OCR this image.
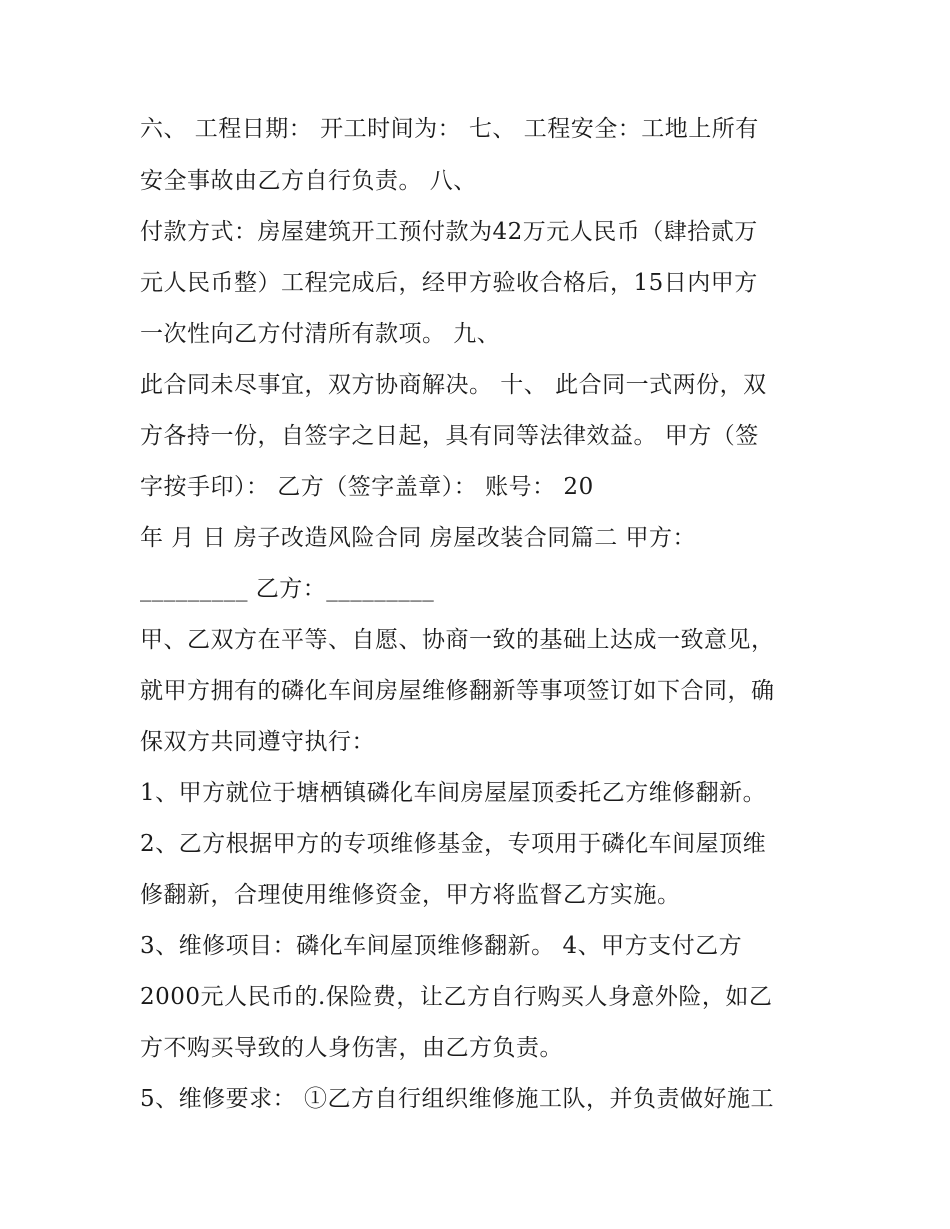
六、 工程日期： 开工时间为： 七、 工程安全：工地上所有
安全事故由乙方自行负责。 八、
付款方式：房屋建筑开工预付款为42万元人民币（肆拾贰万
元人民币整）工程完成后，经甲方验收合格后，15日内甲方
一次性向乙方付清所有款项。 九、
此合同未尽事宜，双方协商解决。 十、 此合同一式两份，双
方各持一份，自签字之日起，具有同等法律效益。 甲方（签
字按手印）： 乙方（签字盖章）： 账号： 20
年 月 日 房子改造风险合同 房屋改装合同篇二 甲方：
_________ 乙方：_________
甲、乙双方在平等、自愿、协商一致的基础上达成一致意见，
就甲方拥有的磷化车间房屋维修翻新等事项签订如下合同，确
保双方共同遵守执行：
1、甲方就位于塘栖镇磷化车间房屋屋顶委托乙方维修翻新。
2、乙方根据甲方的专项维修基金，专项用于磷化车间屋顶维
修翻新，合理使用维修资金，甲方将监督乙方实施。
3、维修项目：磷化车间屋顶维修翻新。 4、甲方支付乙方
2000元人民币的.保险费，让乙方自行购买人身意外险，如乙
方不购买导致的人身伤害，由乙方负责。
5、维修要求： ①乙方自行组织维修施工队，并负责做好施工
